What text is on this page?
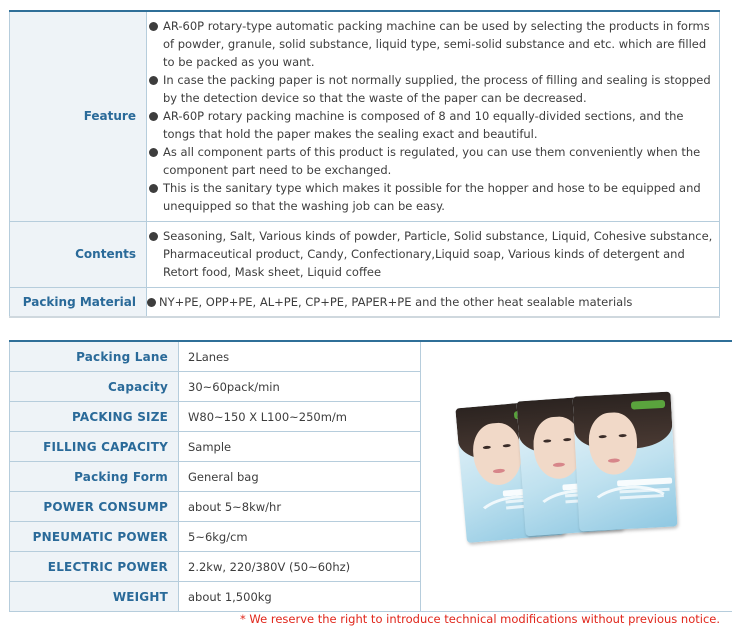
Feature	AR-60P rotary-type automatic packing machine can be used by selecting the products in forms of powder, granule, solid substance, liquid type, semi-solid substance and etc. which are filled to be packed as you want.
In case the packing paper is not normally supplied, the process of filling and sealing is stopped by the detection device so that the waste of the paper can be decreased.
AR-60P rotary packing machine is composed of 8 and 10 equally-divided sections, and the tongs that hold the paper makes the sealing exact and beautiful.
As all component parts of this product is regulated, you can use them conveniently when the component part need to be exchanged.
This is the sanitary type which makes it possible for the hopper and hose to be equipped and unequipped so that the washing job can be easy.

Contents	Seasoning, Salt, Various kinds of powder, Particle, Solid substance, Liquid, Cohesive substance, Pharmaceutical product, Candy, Confectionary,Liquid soap, Various kinds of detergent and Retort food, Mask sheet, Liquid coffee

Packing Material	NY+PE, OPP+PE, AL+PE, CP+PE, PAPER+PE and the other heat sealable materials
Packing Lane	2Lanes	

Capacity	30~60pack/min	
PACKING SIZE	W80~150 X L100~250m/m	
FILLING CAPACITY	Sample	
Packing Form	General bag	
POWER CONSUMP	about 5~8kw/hr	
PNEUMATIC POWER	5~6kg/cm	
ELECTRIC POWER	2.2kw, 220/380V (50~60hz)	
WEIGHT	about 1,500kg	
* We reserve the right to introduce technical modifications without previous notice.
